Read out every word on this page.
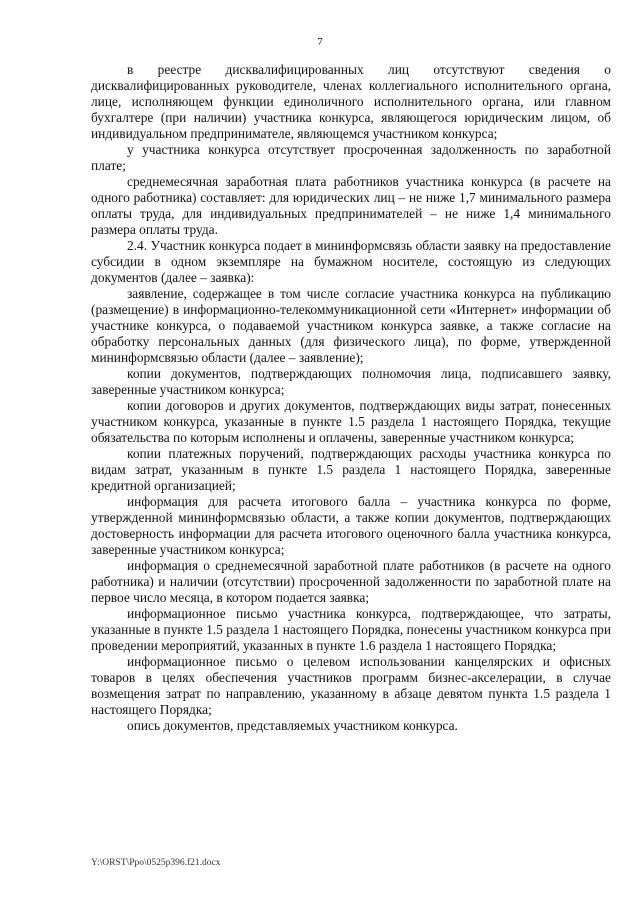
7

в реестре дисквалифицированных лиц отсутствуют сведения о дисквалифицированных руководителе, членах коллегиального исполнительного органа, лице, исполняющем функции единоличного исполнительного органа, или главном бухгалтере (при наличии) участника конкурса, являющегося юридическим лицом, об индивидуальном предпринимателе, являющемся участником конкурса;

у участника конкурса отсутствует просроченная задолженность по заработной плате;

среднемесячная заработная плата работников участника конкурса (в расчете на одного работника) составляет: для юридических лиц – не ниже 1,7 минимального размера оплаты труда, для индивидуальных предпринимателей – не ниже 1,4 минимального размера оплаты труда.

2.4. Участник конкурса подает в мининформсвязь области заявку на предоставление субсидии в одном экземпляре на бумажном носителе, состоящую из следующих документов (далее – заявка):

заявление, содержащее в том числе согласие участника конкурса на публикацию (размещение) в информационно-телекоммуникационной сети «Интернет» информации об участнике конкурса, о подаваемой участником конкурса заявке, а также согласие на обработку персональных данных (для физического лица), по форме, утвержденной мининформсвязью области (далее – заявление);

копии документов, подтверждающих полномочия лица, подписавшего заявку, заверенные участником конкурса;

копии договоров и других документов, подтверждающих виды затрат, понесенных участником конкурса, указанные в пункте 1.5 раздела 1 настоящего Порядка, текущие обязательства по которым исполнены и оплачены, заверенные участником конкурса;

копии платежных поручений, подтверждающих расходы участника конкурса по видам затрат, указанным в пункте 1.5 раздела 1 настоящего Порядка, заверенные кредитной организацией;

информация для расчета итогового балла – участника конкурса по форме, утвержденной мининформсвязью области, а также копии документов, подтверждающих достоверность информации для расчета итогового оценочного балла участника конкурса, заверенные участником конкурса;

информация о среднемесячной заработной плате работников (в расчете на одного работника) и наличии (отсутствии) просроченной задолженности по заработной плате на первое число месяца, в котором подается заявка;

информационное письмо участника конкурса, подтверждающее, что затраты, указанные в пункте 1.5 раздела 1 настоящего Порядка, понесены участником конкурса при проведении мероприятий, указанных в пункте 1.6 раздела 1 настоящего Порядка;

информационное письмо о целевом использовании канцелярских и офисных товаров в целях обеспечения участников программ бизнес-акселерации, в случае возмещения затрат по направлению, указанному в абзаце девятом пункта 1.5 раздела 1 настоящего Порядка;

опись документов, представляемых участником конкурса.

Y:\ORST\Ppo\0525p396.f21.docx
